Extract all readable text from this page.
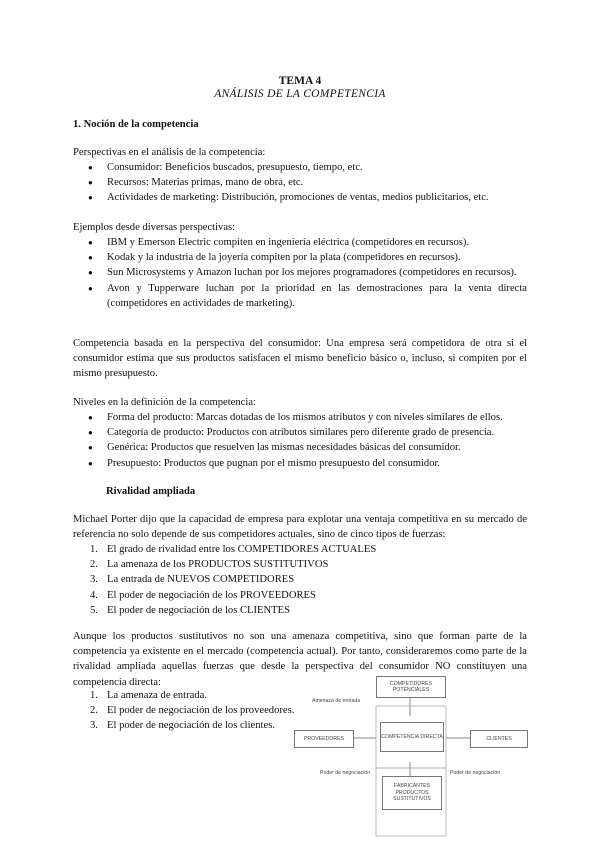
TEMA 4
ANÁLISIS DE LA COMPETENCIA
1. Noción de la competencia
Perspectivas en el análisis de la competencia:
● Consumidor: Beneficios buscados, presupuesto, tiempo, etc.
● Recursos: Materias primas, mano de obra, etc.
● Actividades de marketing: Distribución, promociones de ventas, medios publicitarios, etc.
Ejemplos desde diversas perspectivas:
● IBM y Emerson Electric compiten en ingeniería eléctrica (competidores en recursos).
● Kodak y la industria de la joyería compiten por la plata (competidores en recursos).
● Sun Microsystems y Amazon luchan por los mejores programadores (competidores en recursos).
● Avon y Tupperware luchan por la prioridad en las demostraciones para la venta directa (competidores en actividades de marketing).
Competencia basada en la perspectiva del consumidor: Una empresa será competidora de otra si el consumidor estima que sus productos satisfacen el mismo beneficio básico o, incluso, si compiten por el mismo presupuesto.
Niveles en la definición de la competencia:
● Forma del producto: Marcas dotadas de los mismos atributos y con niveles similares de ellos.
● Categoría de producto: Productos con atributos similares pero diferente grado de presencia.
● Genérica: Productos que resuelven las mismas necesidades básicas del consumidor.
● Presupuesto: Productos que pugnan por el mismo presupuesto del consumidor.
Rivalidad ampliada
Michael Porter dijo que la capacidad de empresa para explotar una ventaja competitiva en su mercado de referencia no solo depende de sus competidores actuales, sino de cinco tipos de fuerzas:
1. El grado de rivalidad entre los COMPETIDORES ACTUALES
2. La amenaza de los PRODUCTOS SUSTITUTIVOS
3. La entrada de NUEVOS COMPETIDORES
4. El poder de negociación de los PROVEEDORES
5. El poder de negociación de los CLIENTES
Aunque los productos sustitutivos no son una amenaza competitiva, sino que forman parte de la competencia ya existente en el mercado (competencia actual). Por tanto, consideraremos como parte de la rivalidad ampliada aquellas fuerzas que desde la perspectiva del consumidor NO constituyen una competencia directa:
1. La amenaza de entrada.
2. El poder de negociación de los proveedores.
3. El poder de negociación de los clientes.
COMPETIDORES POTENCIALES
Amenaza de entrada
PROVEEDORES	COMPETENCIA DIRECTA	CLIENTES
Poder de negociación	Poder de negociación
FABRICANTES PRODUCTOS SUSTITUTIVOS
